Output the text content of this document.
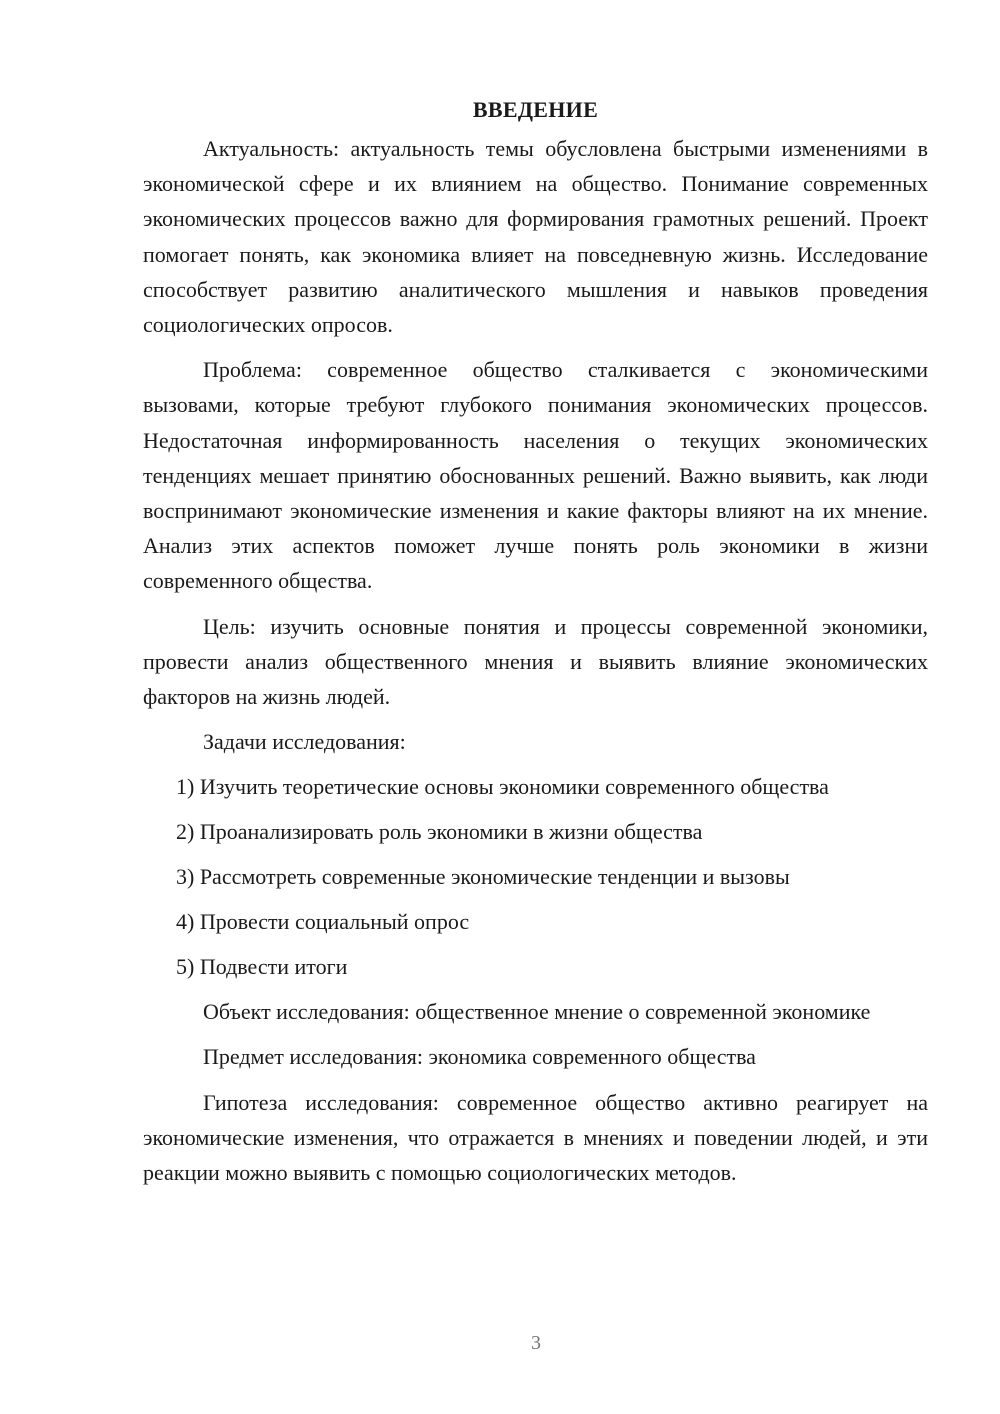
ВВЕДЕНИЕ

Актуальность: актуальность темы обусловлена быстрыми изменениями в экономической сфере и их влиянием на общество. Понимание современных экономических процессов важно для формирования грамотных решений. Проект помогает понять, как экономика влияет на повседневную жизнь. Исследование способствует развитию аналитического мышления и навыков проведения социологических опросов.

Проблема: современное общество сталкивается с экономическими вызовами, которые требуют глубокого понимания экономических процессов. Недостаточная информированность населения о текущих экономических тенденциях мешает принятию обоснованных решений. Важно выявить, как люди воспринимают экономические изменения и какие факторы влияют на их мнение. Анализ этих аспектов поможет лучше понять роль экономики в жизни современного общества.

Цель: изучить основные понятия и процессы современной экономики, провести анализ общественного мнения и выявить влияние экономических факторов на жизнь людей.

Задачи исследования:
1) Изучить теоретические основы экономики современного общества
2) Проанализировать роль экономики в жизни общества
3) Рассмотреть современные экономические тенденции и вызовы
4) Провести социальный опрос
5) Подвести итоги

Объект исследования: общественное мнение о современной экономике

Предмет исследования: экономика современного общества

Гипотеза исследования: современное общество активно реагирует на экономические изменения, что отражается в мнениях и поведении людей, и эти реакции можно выявить с помощью социологических методов.

3
